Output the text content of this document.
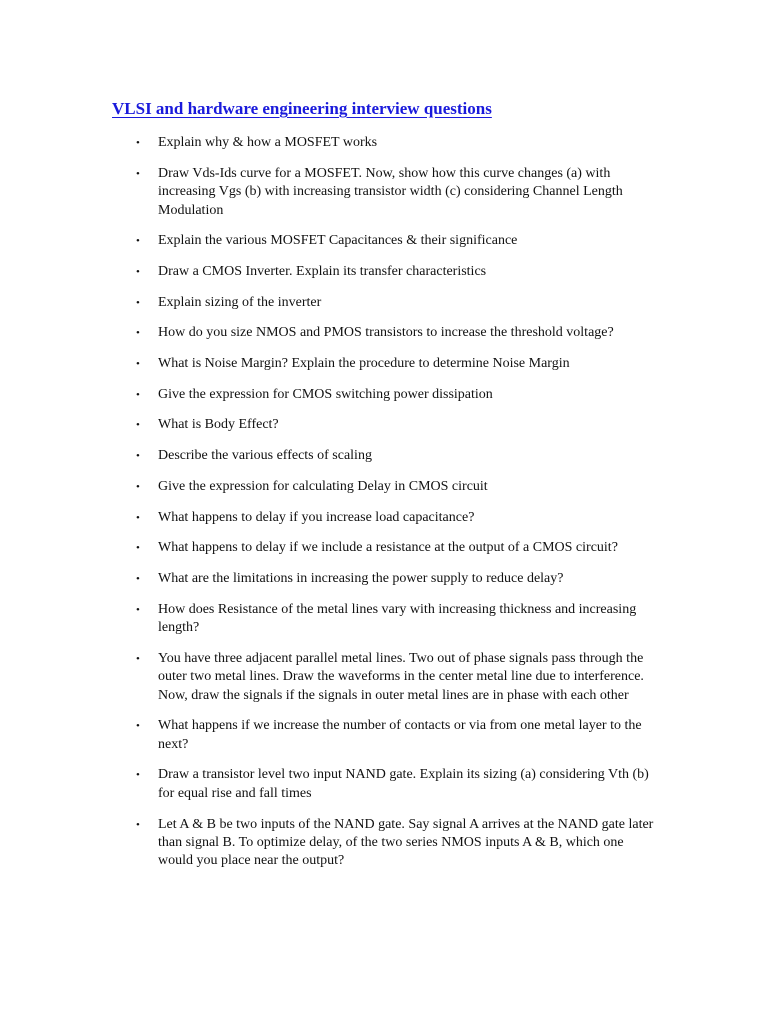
VLSI and hardware engineering interview questions
• Explain why & how a MOSFET works
• Draw Vds-Ids curve for a MOSFET. Now, show how this curve changes (a) with increasing Vgs (b) with increasing transistor width (c) considering Channel Length Modulation
• Explain the various MOSFET Capacitances & their significance
• Draw a CMOS Inverter. Explain its transfer characteristics
• Explain sizing of the inverter
• How do you size NMOS and PMOS transistors to increase the threshold voltage?
• What is Noise Margin? Explain the procedure to determine Noise Margin
• Give the expression for CMOS switching power dissipation
• What is Body Effect?
• Describe the various effects of scaling
• Give the expression for calculating Delay in CMOS circuit
• What happens to delay if you increase load capacitance?
• What happens to delay if we include a resistance at the output of a CMOS circuit?
• What are the limitations in increasing the power supply to reduce delay?
• How does Resistance of the metal lines vary with increasing thickness and increasing length?
• You have three adjacent parallel metal lines. Two out of phase signals pass through the outer two metal lines. Draw the waveforms in the center metal line due to interference. Now, draw the signals if the signals in outer metal lines are in phase with each other
• What happens if we increase the number of contacts or via from one metal layer to the next?
• Draw a transistor level two input NAND gate. Explain its sizing (a) considering Vth (b) for equal rise and fall times
• Let A & B be two inputs of the NAND gate. Say signal A arrives at the NAND gate later than signal B. To optimize delay, of the two series NMOS inputs A & B, which one would you place near the output?
